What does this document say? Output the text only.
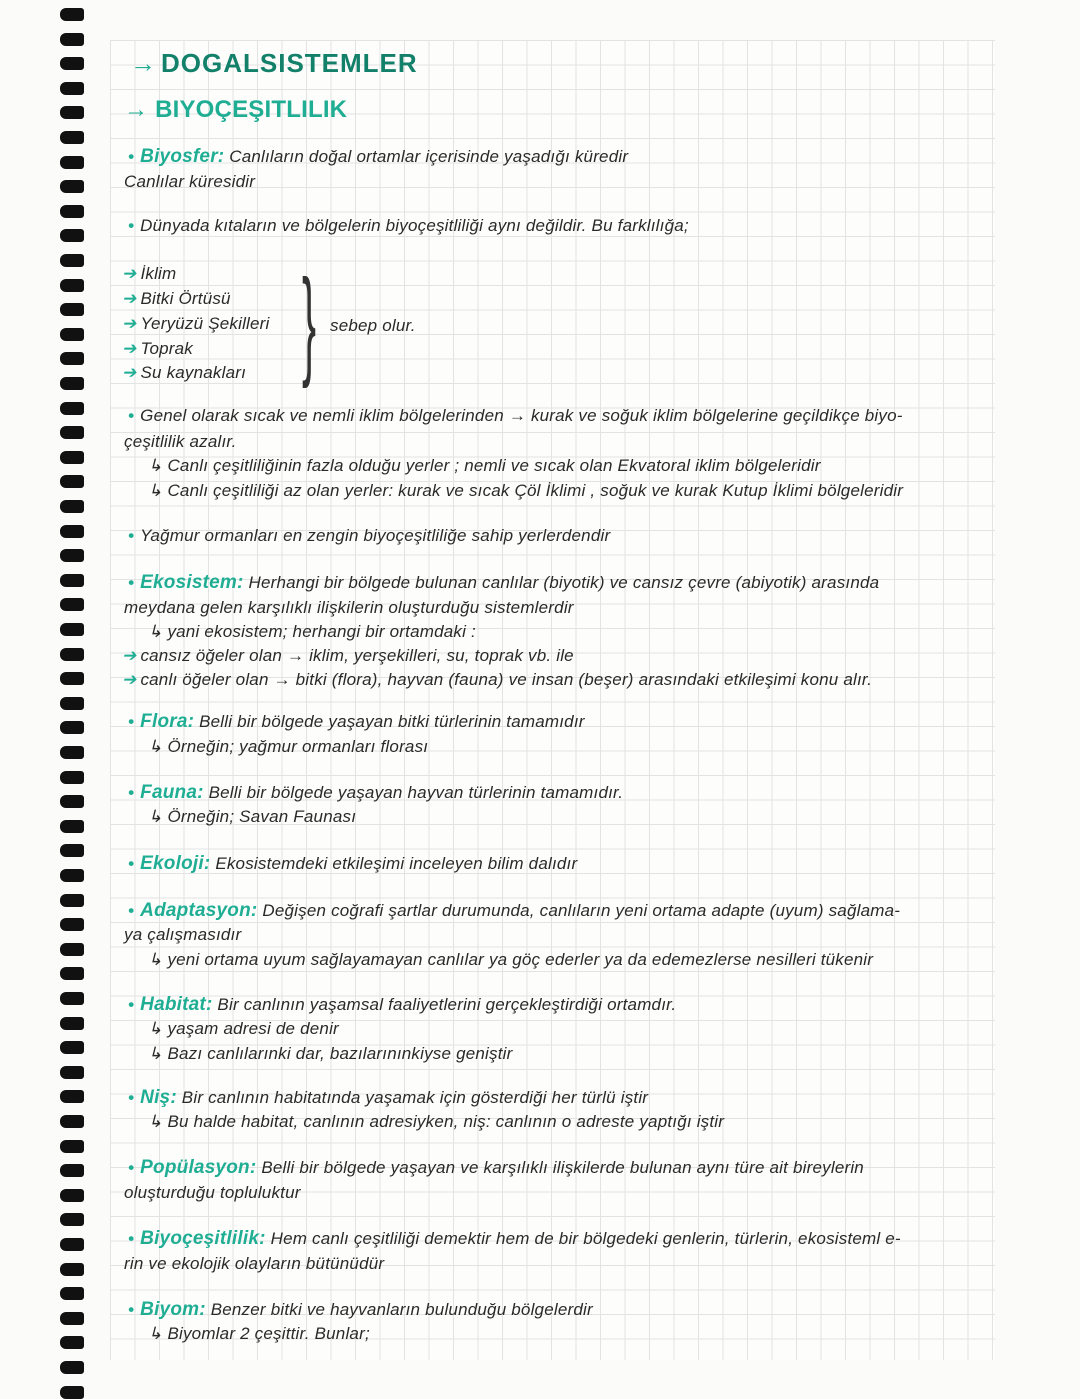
→ DOGALSISTEMLER
→ BIYOÇEŞITLILIK
} sebep olur.
• Biyosfer: Canlıların doğal ortamlar içerisinde yaşadığı küredir
Canlılar küresidir
• Dünyada kıtaların ve bölgelerin biyoçeşitliliği aynı değildir. Bu farklılığa;
➔ İklim
➔ Bitki Örtüsü
➔ Yeryüzü Şekilleri
➔ Toprak
➔ Su kaynakları
• Genel olarak sıcak ve nemli iklim bölgelerinden → kurak ve soğuk iklim bölgelerine geçildikçe biyo-
çeşitlilik azalır.
↳ Canlı çeşitliliğinin fazla olduğu yerler ; nemli ve sıcak olan Ekvatoral iklim bölgeleridir
↳ Canlı çeşitliliği az olan yerler: kurak ve sıcak Çöl İklimi , soğuk ve kurak Kutup İklimi bölgeleridir
• Yağmur ormanları en zengin biyoçeşitliliğe sahip yerlerdendir
• Ekosistem: Herhangi bir bölgede bulunan canlılar (biyotik) ve cansız çevre (abiyotik) arasında
meydana gelen karşılıklı ilişkilerin oluşturduğu sistemlerdir
↳ yani ekosistem; herhangi bir ortamdaki :
➔ cansız öğeler olan → iklim, yerşekilleri, su, toprak vb. ile
➔ canlı öğeler olan → bitki (flora), hayvan (fauna) ve insan (beşer) arasındaki etkileşimi konu alır.
• Flora: Belli bir bölgede yaşayan bitki türlerinin tamamıdır
↳ Örneğin; yağmur ormanları florası
• Fauna: Belli bir bölgede yaşayan hayvan türlerinin tamamıdır.
↳ Örneğin; Savan Faunası
• Ekoloji: Ekosistemdeki etkileşimi inceleyen bilim dalıdır
• Adaptasyon: Değişen coğrafi şartlar durumunda, canlıların yeni ortama adapte (uyum) sağlama-
ya çalışmasıdır
↳ yeni ortama uyum sağlayamayan canlılar ya göç ederler ya da edemezlerse nesilleri tükenir
• Habitat: Bir canlının yaşamsal faaliyetlerini gerçekleştirdiği ortamdır.
↳ yaşam adresi de denir
↳ Bazı canlılarınki dar, bazılarınınkiyse geniştir
• Niş: Bir canlının habitatında yaşamak için gösterdiği her türlü iştir
↳ Bu halde habitat, canlının adresiyken, niş: canlının o adreste yaptığı iştir
• Popülasyon: Belli bir bölgede yaşayan ve karşılıklı ilişkilerde bulunan aynı türe ait bireylerin
oluşturduğu topluluktur
• Biyoçeşitlilik: Hem canlı çeşitliliği demektir hem de bir bölgedeki genlerin, türlerin, ekosisteml e-
rin ve ekolojik olayların bütünüdür
• Biyom: Benzer bitki ve hayvanların bulunduğu bölgelerdir
↳ Biyomlar 2 çeşittir. Bunlar;
